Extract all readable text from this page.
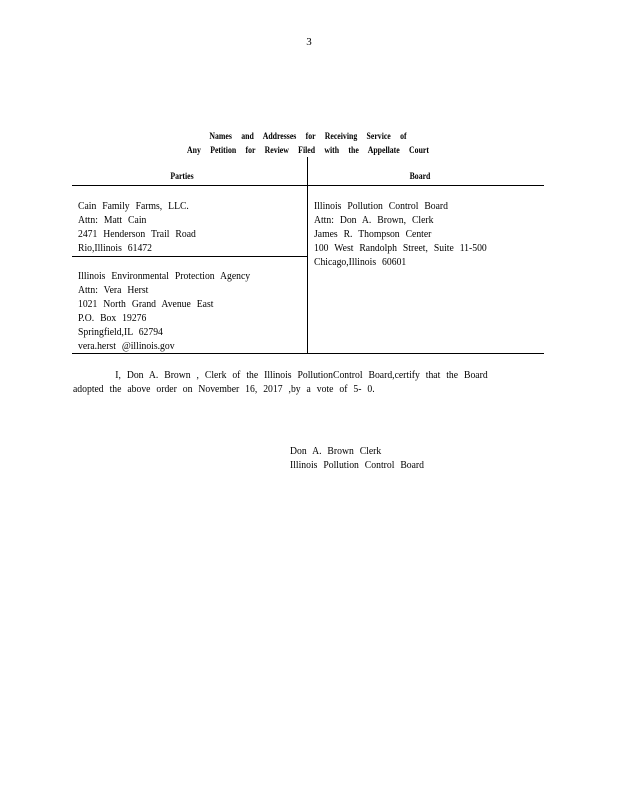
3
Names and Addresses for Receiving Service of
Any Petition for Review Filed with the Appellate Court
Parties	Board
Cain Family Farms, LLC.
Attn: Matt Cain
2471 Henderson Trail Road
Rio,Illinois 61472
Illinois Environmental Protection Agency
Attn: Vera Herst
1021 North Grand Avenue East
P.O. Box 19276
Springfield,IL 62794
vera.herst @illinois.gov
Illinois Pollution Control Board
Attn: Don A. Brown, Clerk
James R. Thompson Center
100 West Randolph Street, Suite 11-500
Chicago,Illinois 60601

I, Don A. Brown , Clerk of the Illinois PollutionControl Board,certify that the Board

adopted the above order on November 16, 2017 ,by a vote of 5- 0.

Don A. Brown Clerk
Illinois Pollution Control Board
